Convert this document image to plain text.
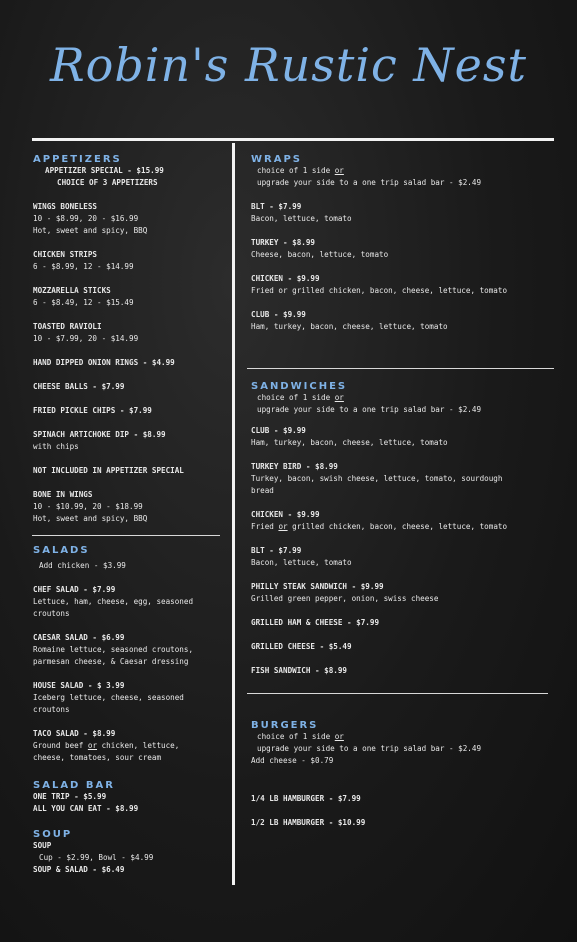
Robin's Rustic Nest
APPETIZERS
APPETIZER SPECIAL - $15.99
CHOICE OF 3 APPETIZERS
WINGS BONELESS
10 - $8.99, 20 - $16.99
Hot, sweet and spicy, BBQ
CHICKEN STRIPS
6 - $8.99, 12 - $14.99
MOZZARELLA STICKS
6 - $8.49, 12 - $15.49
TOASTED RAVIOLI
10 - $7.99, 20 - $14.99
HAND DIPPED ONION RINGS - $4.99
CHEESE BALLS - $7.99
FRIED PICKLE CHIPS - $7.99
SPINACH ARTICHOKE DIP - $8.99
with chips
NOT INCLUDED IN APPETIZER SPECIAL
BONE IN WINGS
10 - $10.99, 20 - $18.99
Hot, sweet and spicy, BBQ
SALADS
Add chicken - $3.99
CHEF SALAD - $7.99
Lettuce, ham, cheese, egg, seasoned
croutons
CAESAR SALAD - $6.99
Romaine lettuce, seasoned croutons,
parmesan cheese, & Caesar dressing
HOUSE SALAD - $ 3.99
Iceberg lettuce, cheese, seasoned
croutons
TACO SALAD - $8.99
Ground beef or chicken, lettuce,
cheese, tomatoes, sour cream
SALAD BAR
ONE TRIP - $5.99
ALL YOU CAN EAT - $8.99
SOUP
SOUP
Cup - $2.99, Bowl - $4.99
SOUP & SALAD - $6.49
WRAPS
choice of 1 side or
upgrade your side to a one trip salad bar - $2.49
BLT - $7.99
Bacon, lettuce, tomato
TURKEY - $8.99
Cheese, bacon, lettuce, tomato
CHICKEN - $9.99
Fried or grilled chicken, bacon, cheese, lettuce, tomato
CLUB - $9.99
Ham, turkey, bacon, cheese, lettuce, tomato
SANDWICHES
choice of 1 side or
upgrade your side to a one trip salad bar - $2.49
CLUB - $9.99
Ham, turkey, bacon, cheese, lettuce, tomato
TURKEY BIRD - $8.99
Turkey, bacon, swish cheese, lettuce, tomato, sourdough
bread
CHICKEN - $9.99
Fried or grilled chicken, bacon, cheese, lettuce, tomato
BLT - $7.99
Bacon, lettuce, tomato
PHILLY STEAK SANDWICH - $9.99
Grilled green pepper, onion, swiss cheese
GRILLED HAM & CHEESE - $7.99
GRILLED CHEESE - $5.49
FISH SANDWICH - $8.99
BURGERS
choice of 1 side or
upgrade your side to a one trip salad bar - $2.49
Add cheese - $0.79
1/4 LB HAMBURGER - $7.99
1/2 LB HAMBURGER - $10.99
